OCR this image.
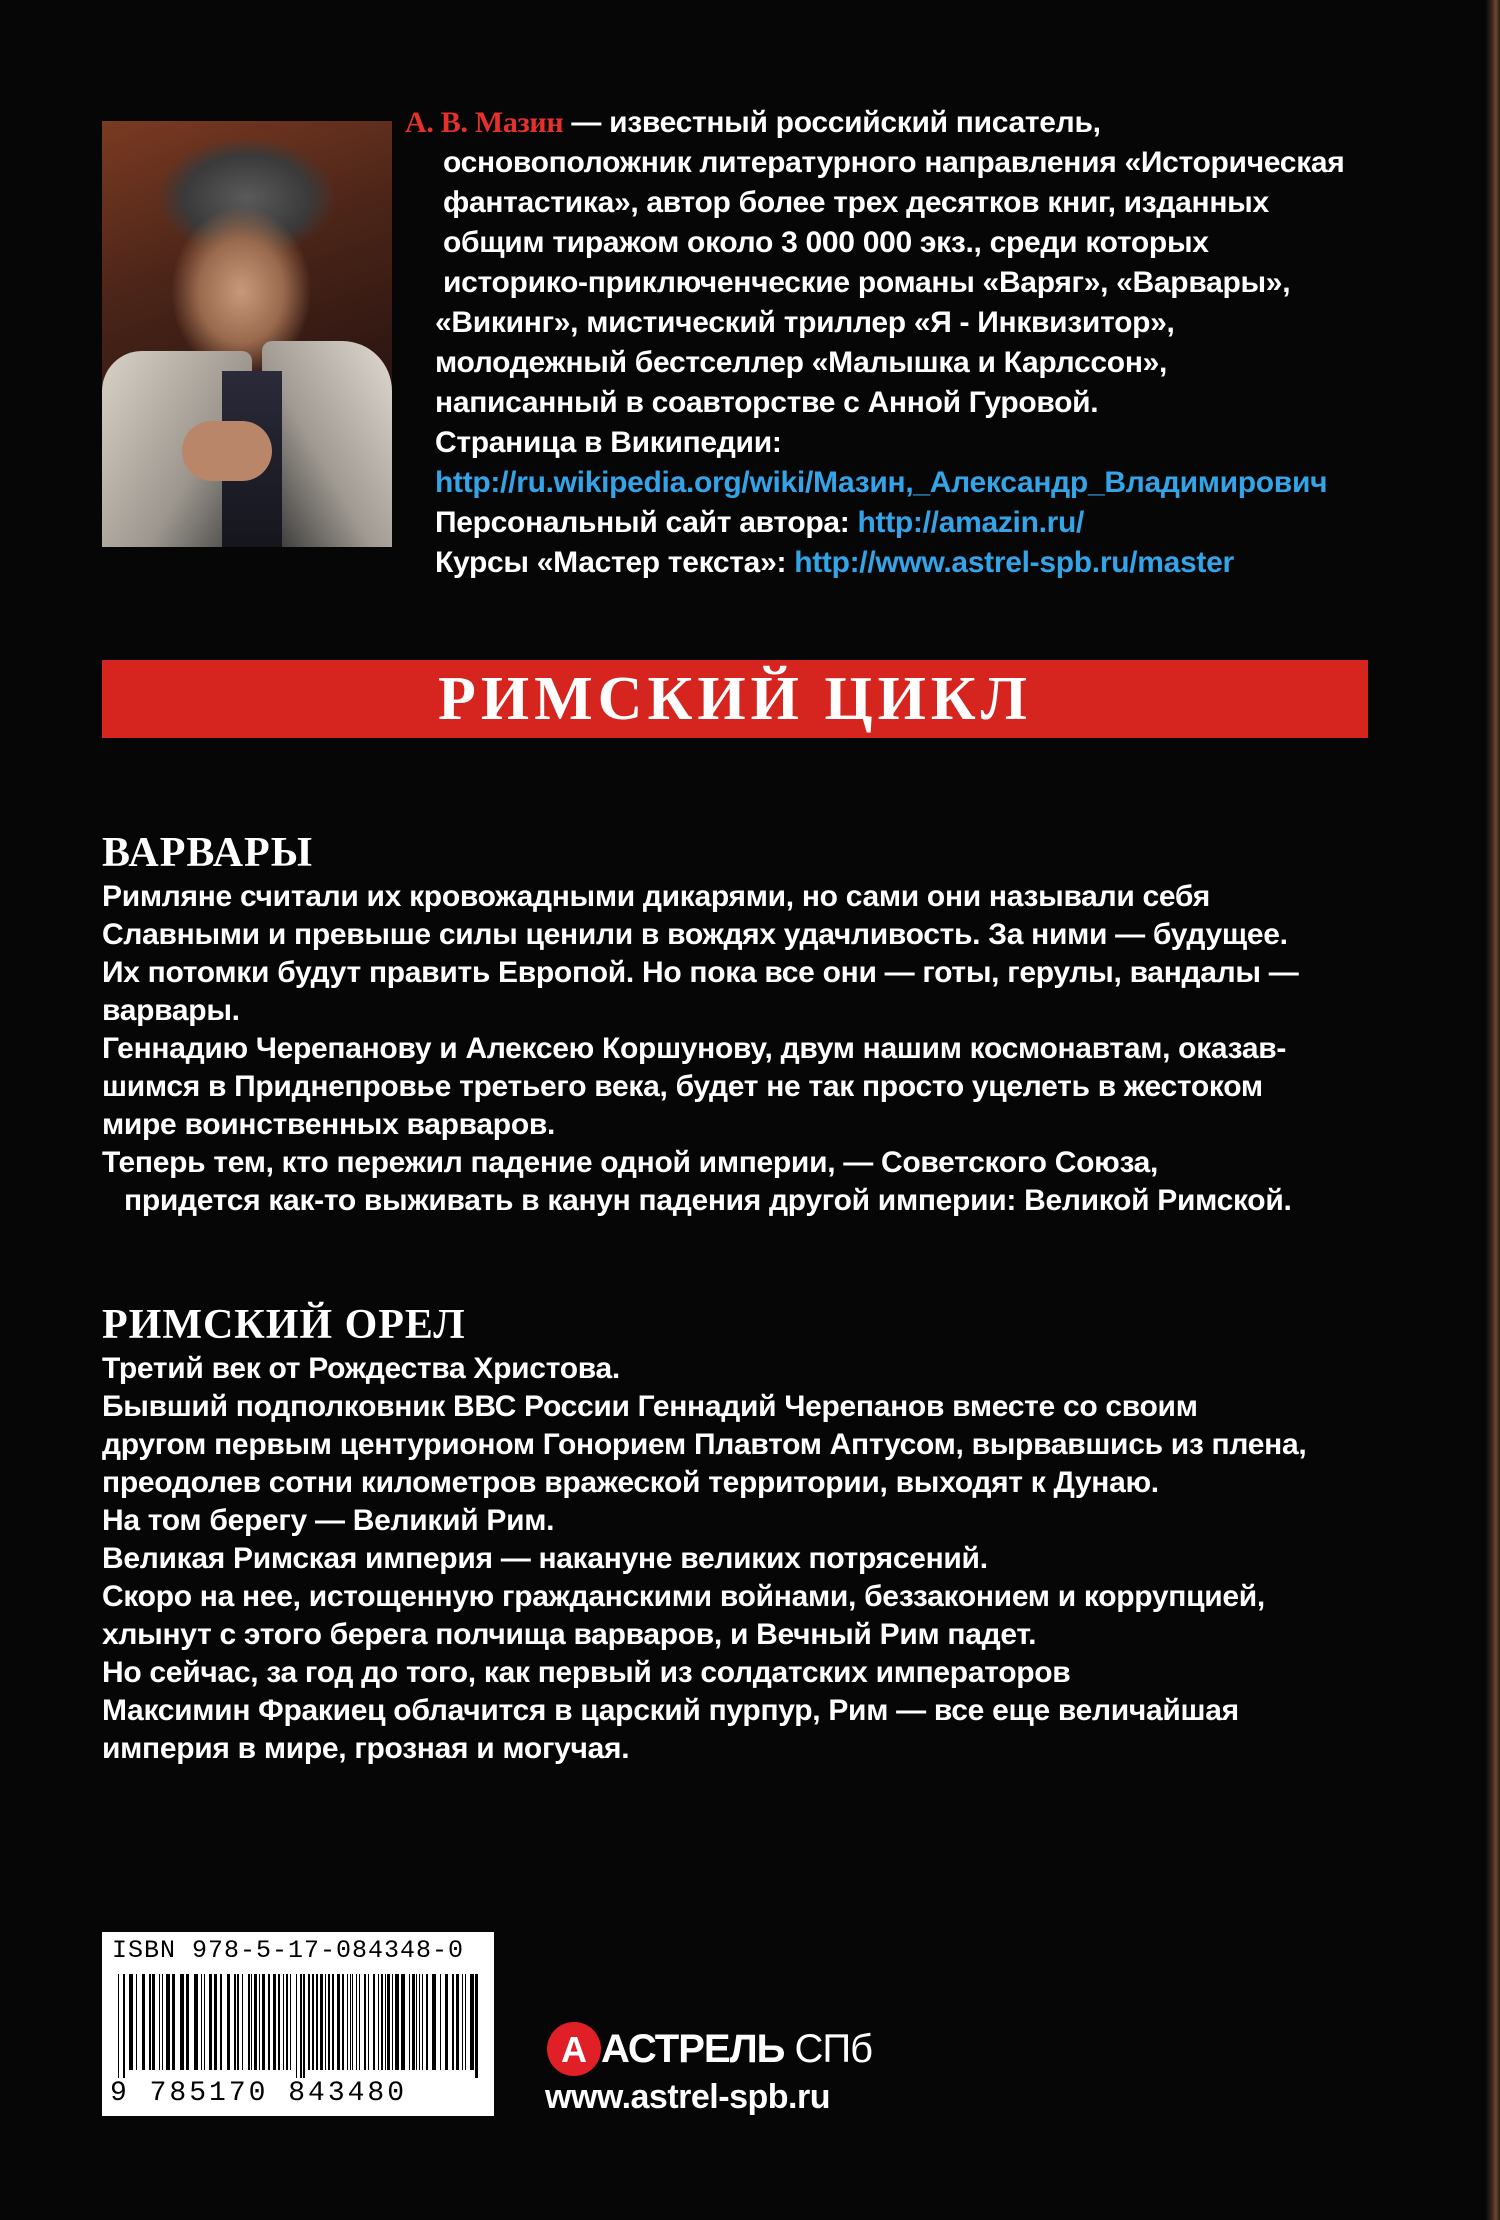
А. В. Мазин — известный российский писатель,
основоположник литературного направления «Историческая
фантастика», автор более трех десятков книг, изданных
общим тиражом около 3 000 000 экз., среди которых
историко-приключенческие романы «Варяг», «Варвары»,
«Викинг», мистический триллер «Я - Инквизитор»,
молодежный бестселлер «Малышка и Карлссон»,
написанный в соавторстве с Анной Гуровой.
Страница в Википедии:
http://ru.wikipedia.org/wiki/Мазин,_Александр_Владимирович
Персональный сайт автора: http://amazin.ru/
Курсы «Мастер текста»: http://www.astrel-spb.ru/master
РИМСКИЙ ЦИКЛ
ВАРВАРЫ
Римляне считали их кровожадными дикарями, но сами они называли себя
Славными и превыше силы ценили в вождях удачливость. За ними — будущее.
Их потомки будут править Европой. Но пока все они — готы, герулы, вандалы —
варвары.
Геннадию Черепанову и Алексею Коршунову, двум нашим космонавтам, оказав-
шимся в Приднепровье третьего века, будет не так просто уцелеть в жестоком
мире воинственных варваров.
Теперь тем, кто пережил падение одной империи, — Советского Союза,
придется как-то выживать в канун падения другой империи: Великой Римской.
РИМСКИЙ ОРЕЛ
Третий век от Рождества Христова.
Бывший подполковник ВВС России Геннадий Черепанов вместе со своим
другом первым центурионом Гонорием Плавтом Аптусом, вырвавшись из плена,
преодолев сотни километров вражеской территории, выходят к Дунаю.
На том берегу — Великий Рим.
Великая Римская империя — накануне великих потрясений.
Скоро на нее, истощенную гражданскими войнами, беззаконием и коррупцией,
хлынут с этого берега полчища варваров, и Вечный Рим падет.
Но сейчас, за год до того, как первый из солдатских императоров
Максимин Фракиец облачится в царский пурпур, Рим — все еще величайшая
империя в мире, грозная и могучая.
ISBN 978-5-17-084348-0
9 785170 843480
А АСТРЕЛЬ СПб
www.astrel-spb.ru
